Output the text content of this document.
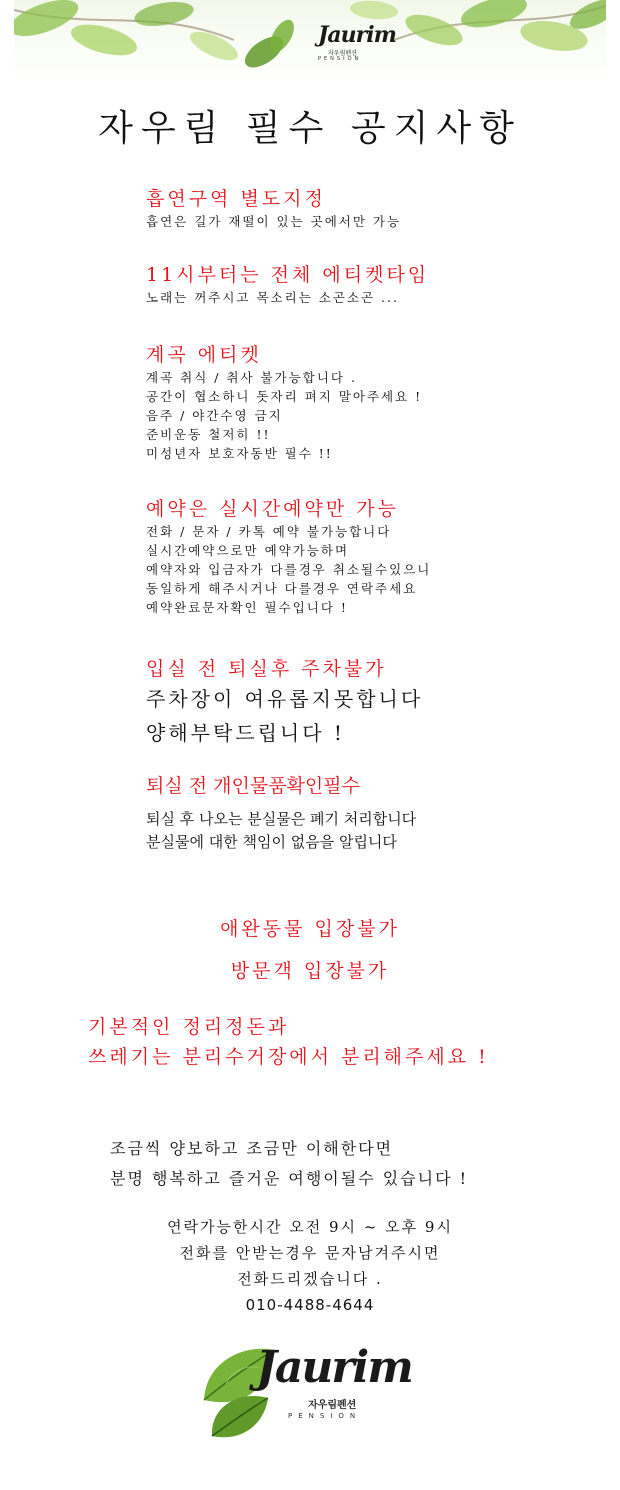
Jaurim
자우림펜션
PENSION
자우림 필수 공지사항
흡연구역 별도지정
흡연은 길가 재떨이 있는 곳에서만 가능
11시부터는 전체 에티켓타임
노래는 꺼주시고 목소리는 소곤소곤 ...
계곡 에티켓
계곡 취식 / 취사 불가능합니다 .
공간이 협소하니 돗자리 펴지 말아주세요 !
음주 / 야간수영 금지
준비운동 철저히 !!
미성년자 보호자동반 필수 !!
예약은 실시간예약만 가능
전화 / 문자 / 카톡 예약 불가능합니다
실시간예약으로만 예약가능하며
예약자와 입금자가 다를경우 취소될수있으니
동일하게 해주시거나 다를경우 연락주세요
예약완료문자확인 필수입니다 !
입실 전 퇴실후 주차불가
주차장이 여유롭지못합니다
양해부탁드립니다 !
퇴실 전 개인물품확인필수
퇴실 후 나오는 분실물은 폐기 처리합니다
분실물에 대한 책임이 없음을 알립니다
애완동물 입장불가
방문객 입장불가
기본적인 정리정돈과
쓰레기는 분리수거장에서 분리해주세요 !
조금씩 양보하고 조금만 이해한다면
분명 행복하고 즐거운 여행이될수 있습니다 !
연락가능한시간 오전 9시 ~ 오후 9시
전화를 안받는경우 문자남겨주시면
전화드리겠습니다 .
010-4488-4644
Jaurim
자우림펜션
PENSION
